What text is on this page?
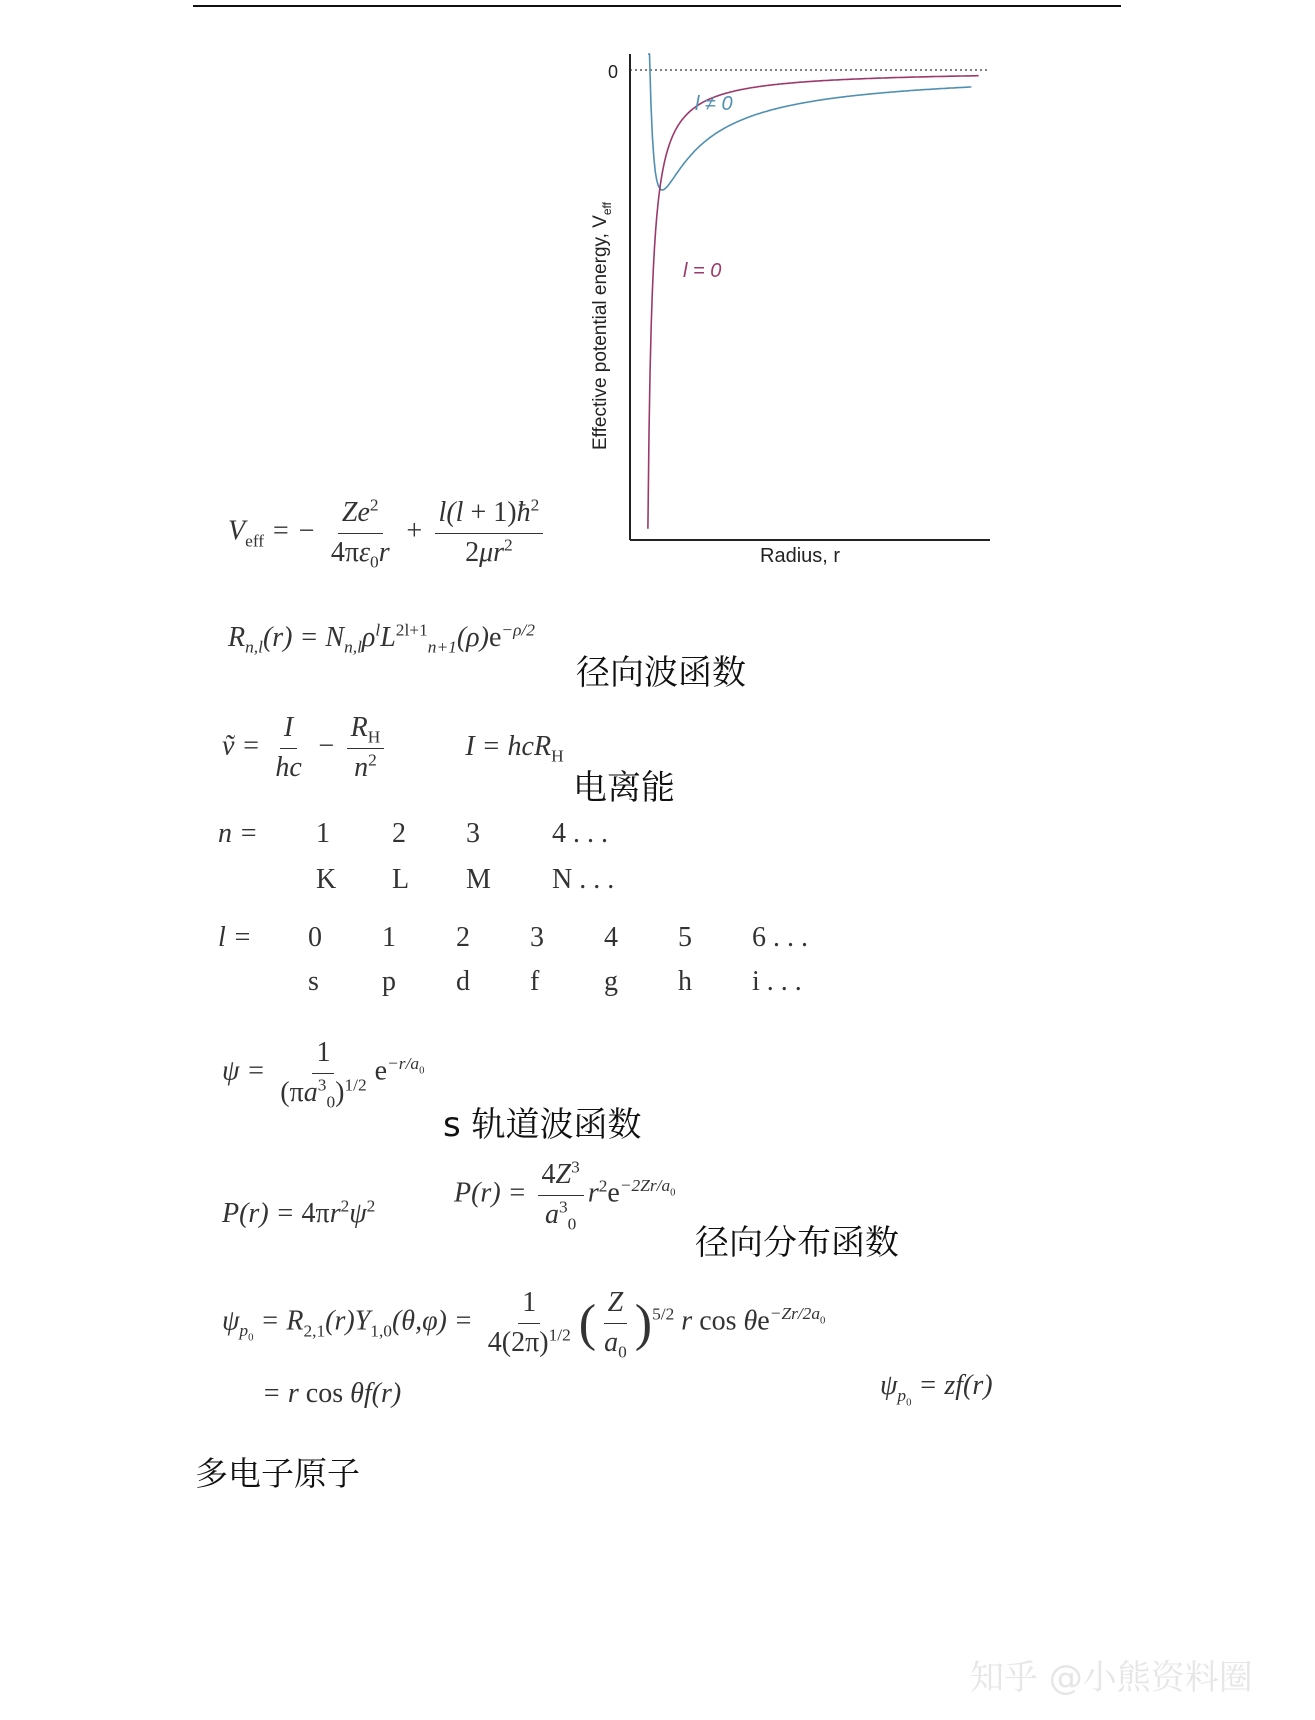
0
l ≠ 0
l = 0
Radius, r
Effective potential energy, $V_{eff}$
$V_{eff}$ = − $\frac{Ze^2}{4\pi\varepsilon_0r} + \frac{l(l + 1)ħ^2}{2\mu r^2}$
$R_{n,l}(r) = N_{n,l}\rho^lL^{2l+1}_{n+1}(\rho)e^{-\rho/2}$
径向波函数
ṽ = $\frac{I}{hc} - \frac{R_H}{n^2}$	I = hcR$_H$
电离能
n = 1 2 3	4 . . .
K L M N . . .
l = 0 1 2 3 4 5 6 . . .
s p d f g h i . . .
$\psi = \frac{1}{(\pi a^3_0)^{1/2}} e^{-r/a_0}$
s 轨道波函数
$P(r) = 4\pi r^2\psi^2$	$P(r) = \frac{4Z^3}{a^3_0} r^2e^{-2Zr/a_0}$
径向分布函数
$\psi_{p_0} = R_{2,1}(r)Y_{1,0}(\theta,\varphi) = \frac{1}{4(2\pi)^{1/2}}$ ( $\frac{Z}{a_0} )^{5/2}$ r $\cos \theta e^{-Zr/2a_0}$
= r cos θf(r)	$\psi_{p_0} = zf(r)$
多电子原子
知乎 @小熊资料圈
